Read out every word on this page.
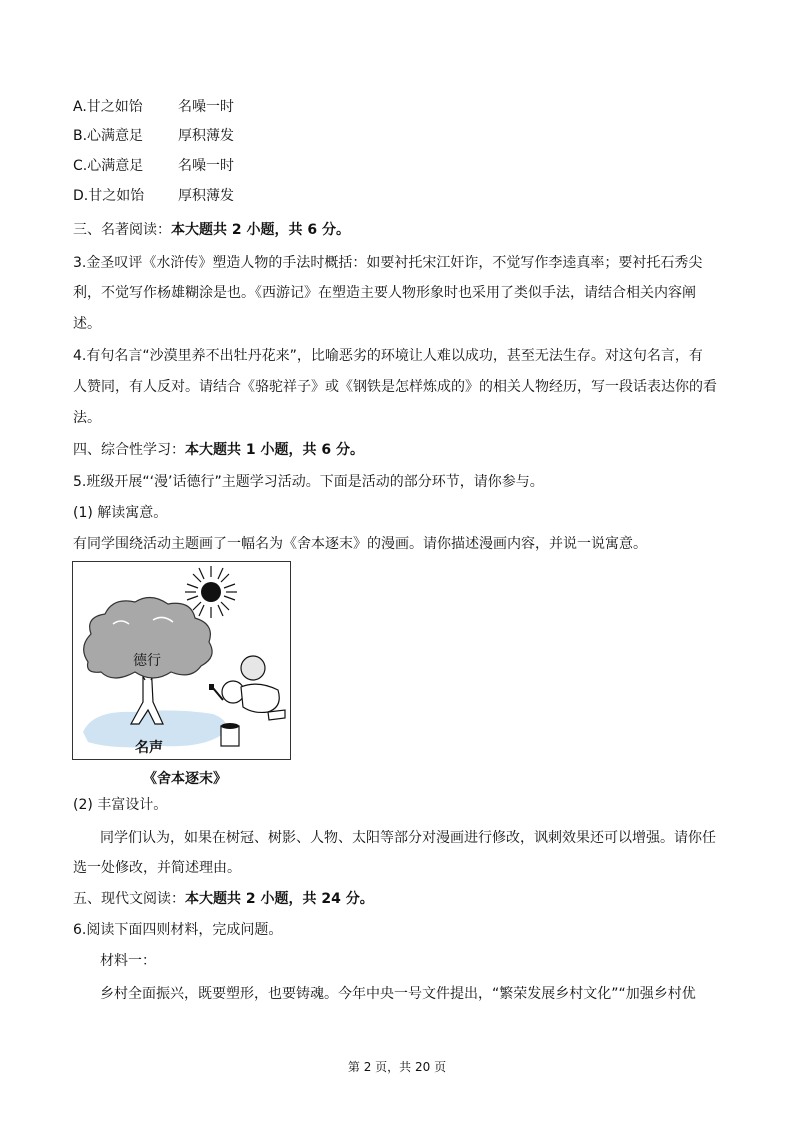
A.甘之如饴	名噪一时
B.心满意足 厚积薄发
C.心满意足 名噪一时
D.甘之如饴 厚积薄发
三、名著阅读：本大题共 2 小题，共 6 分。
3.金圣叹评《水浒传》塑造人物的手法时概括：如要衬托宋江奸诈，不觉写作李逵真率；要衬托石秀尖
利，不觉写作杨雄糊涂是也。《西游记》在塑造主要人物形象时也采用了类似手法，请结合相关内容阐
述。
4.有句名言“沙漠里养不出牡丹花来”，比喻恶劣的环境让人难以成功，甚至无法生存。对这句名言，有
人赞同，有人反对。请结合《骆驼祥子》或《钢铁是怎样炼成的》的相关人物经历，写一段话表达你的看
法。
四、综合性学习：本大题共 1 小题，共 6 分。
5.班级开展“‘漫’话德行”主题学习活动。下面是活动的部分环节，请你参与。
(1) 解读寓意。
有同学围绕活动主题画了一幅名为《舍本逐末》的漫画。请你描述漫画内容，并说一说寓意。
德行
名声
《舍本逐末》
(2) 丰富设计。
同学们认为，如果在树冠、树影、人物、太阳等部分对漫画进行修改，讽刺效果还可以增强。请你任
选一处修改，并简述理由。
五、现代文阅读：本大题共 2 小题，共 24 分。
6.阅读下面四则材料，完成问题。
材料一：
乡村全面振兴，既要塑形，也要铸魂。今年中央一号文件提出，“繁荣发展乡村文化”“加强乡村优
第 2 页，共 20 页
